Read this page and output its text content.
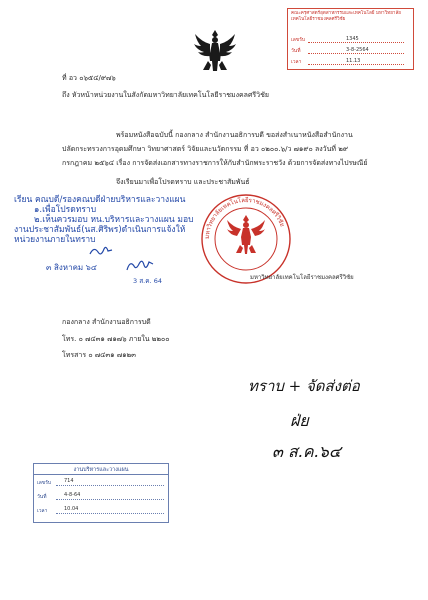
คณะครุศาสตร์อุตสาหกรรมและเทคโนโลยี มหาวิทยาลัยเทคโนโลยีราชมงคลศรีวิชัย
เลขรับ	1345
วันที่	3-8-2564
เวลา	11.13
ที่ อว ๐๖๕๔/๙๗๖
ถึง หัวหน้าหน่วยงานในสังกัดมหาวิทยาลัยเทคโนโลยีราชมงคลศรีวิชัย
พร้อมหนังสือฉบับนี้ กองกลาง สำนักงานอธิการบดี ขอส่งสำเนาหนังสือสำนักงาน
ปลัดกระทรวงการอุดมศึกษา วิทยาศาสตร์ วิจัยและนวัตกรรม ที่ อว ๐๒๐๐.๖/ว ๗๑๙๐ ลงวันที่ ๒๙
กรกฎาคม ๒๕๖๔ เรื่อง การจัดส่งเอกสารทางราชการให้กับสำนักพระราชวัง ด้วยการจัดส่งทางไปรษณีย์
จึงเรียนมาเพื่อโปรดทราบ และประชาสัมพันธ์
เรียน คณบดี/รองคณบดีฝ่ายบริหารและวางแผน
๑.เพื่อโปรดทราบ
๒.เห็นควรมอบ หน.บริหารและวางแผน มอบ
งานประชาสัมพันธ์(นส.ศิริพร)ดำเนินการแจ้งให้
หน่วยงานภายในทราบ
๓ สิงหาคม ๖๔
3 ส.ค. 64
มหาวิทยาลัยเทคโนโลยีราชมงคลศรีวิชัย
มหาวิทยาลัยเทคโนโลยีราชมงคลศรีวิชัย
กองกลาง สำนักงานอธิการบดี
โทร. ๐ ๗๔๓๑ ๗๑๗๖ ภายใน ๒๒๐๐
โทรสาร ๐ ๗๔๓๑ ๗๑๒๓
ทราบ + จัดส่งต่อ
ฝ่ย
๓ ส.ค.๖๔
งานบริหารและวางแผน
เลขรับ	714
วันที่	4-8-64
เวลา	10.04
